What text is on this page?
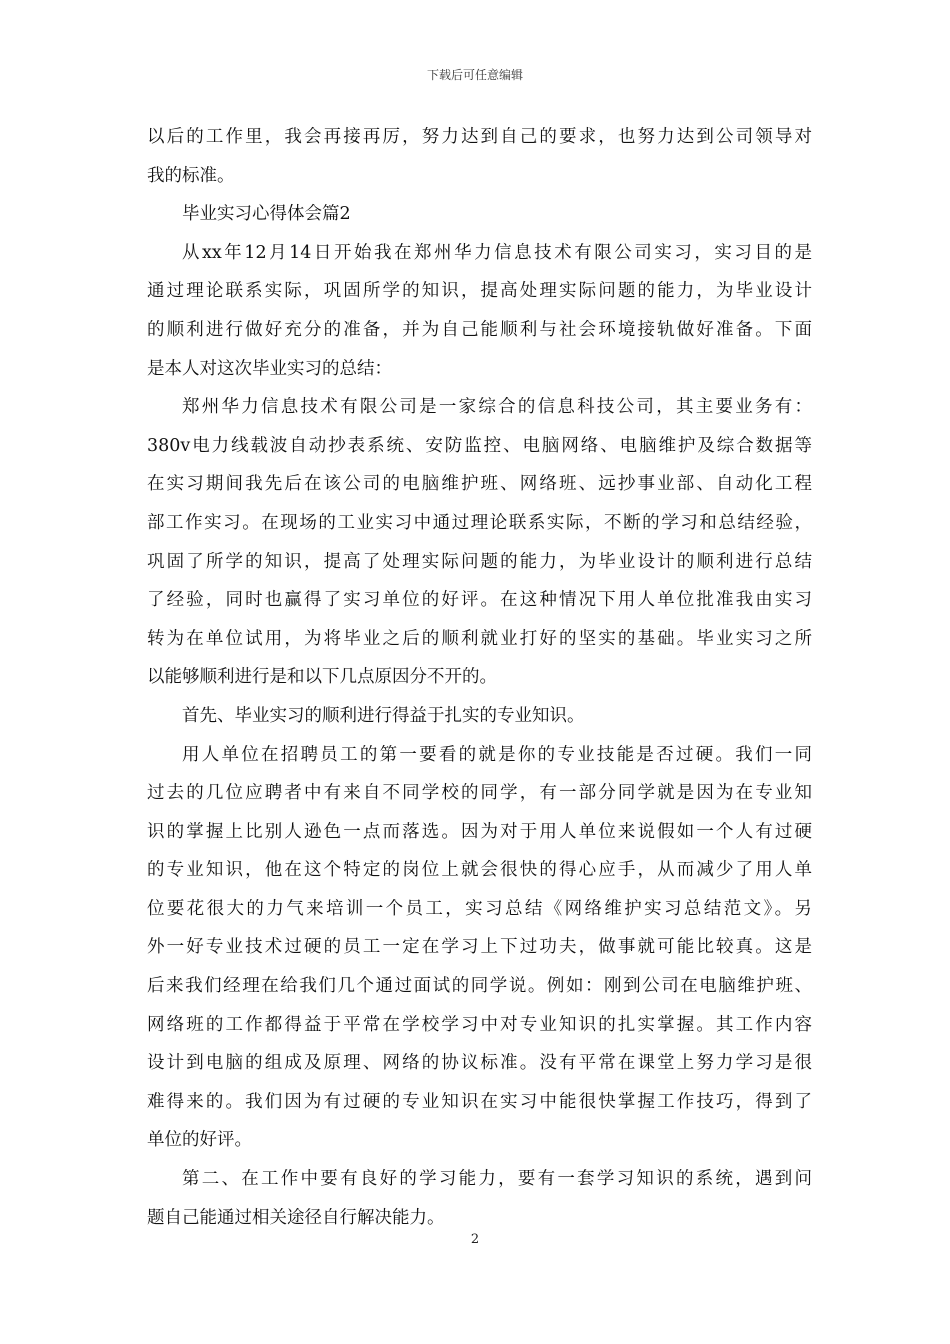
下载后可任意编辑
以后的工作里，我会再接再厉，努力达到自己的要求，也努力达到公司领导对
我的标准。
毕业实习心得体会篇2
从xx年12月14日开始我在郑州华力信息技术有限公司实习，实习目的是
通过理论联系实际，巩固所学的知识，提高处理实际问题的能力，为毕业设计
的顺利进行做好充分的准备，并为自己能顺利与社会环境接轨做好准备。下面
是本人对这次毕业实习的总结：
郑州华力信息技术有限公司是一家综合的信息科技公司，其主要业务有：
380v电力线载波自动抄表系统、安防监控、电脑网络、电脑维护及综合数据等
在实习期间我先后在该公司的电脑维护班、网络班、远抄事业部、自动化工程
部工作实习。在现场的工业实习中通过理论联系实际，不断的学习和总结经验，
巩固了所学的知识，提高了处理实际问题的能力，为毕业设计的顺利进行总结
了经验，同时也赢得了实习单位的好评。在这种情况下用人单位批准我由实习
转为在单位试用，为将毕业之后的顺利就业打好的坚实的基础。毕业实习之所
以能够顺利进行是和以下几点原因分不开的。
首先、毕业实习的顺利进行得益于扎实的专业知识。
用人单位在招聘员工的第一要看的就是你的专业技能是否过硬。我们一同
过去的几位应聘者中有来自不同学校的同学，有一部分同学就是因为在专业知
识的掌握上比别人逊色一点而落选。因为对于用人单位来说假如一个人有过硬
的专业知识，他在这个特定的岗位上就会很快的得心应手，从而减少了用人单
位要花很大的力气来培训一个员工，实习总结《网络维护实习总结范文》。另
外一好专业技术过硬的员工一定在学习上下过功夫，做事就可能比较真。这是
后来我们经理在给我们几个通过面试的同学说。例如：刚到公司在电脑维护班、
网络班的工作都得益于平常在学校学习中对专业知识的扎实掌握。其工作内容
设计到电脑的组成及原理、网络的协议标准。没有平常在课堂上努力学习是很
难得来的。我们因为有过硬的专业知识在实习中能很快掌握工作技巧，得到了
单位的好评。
第二、在工作中要有良好的学习能力，要有一套学习知识的系统，遇到问
题自己能通过相关途径自行解决能力。
2
